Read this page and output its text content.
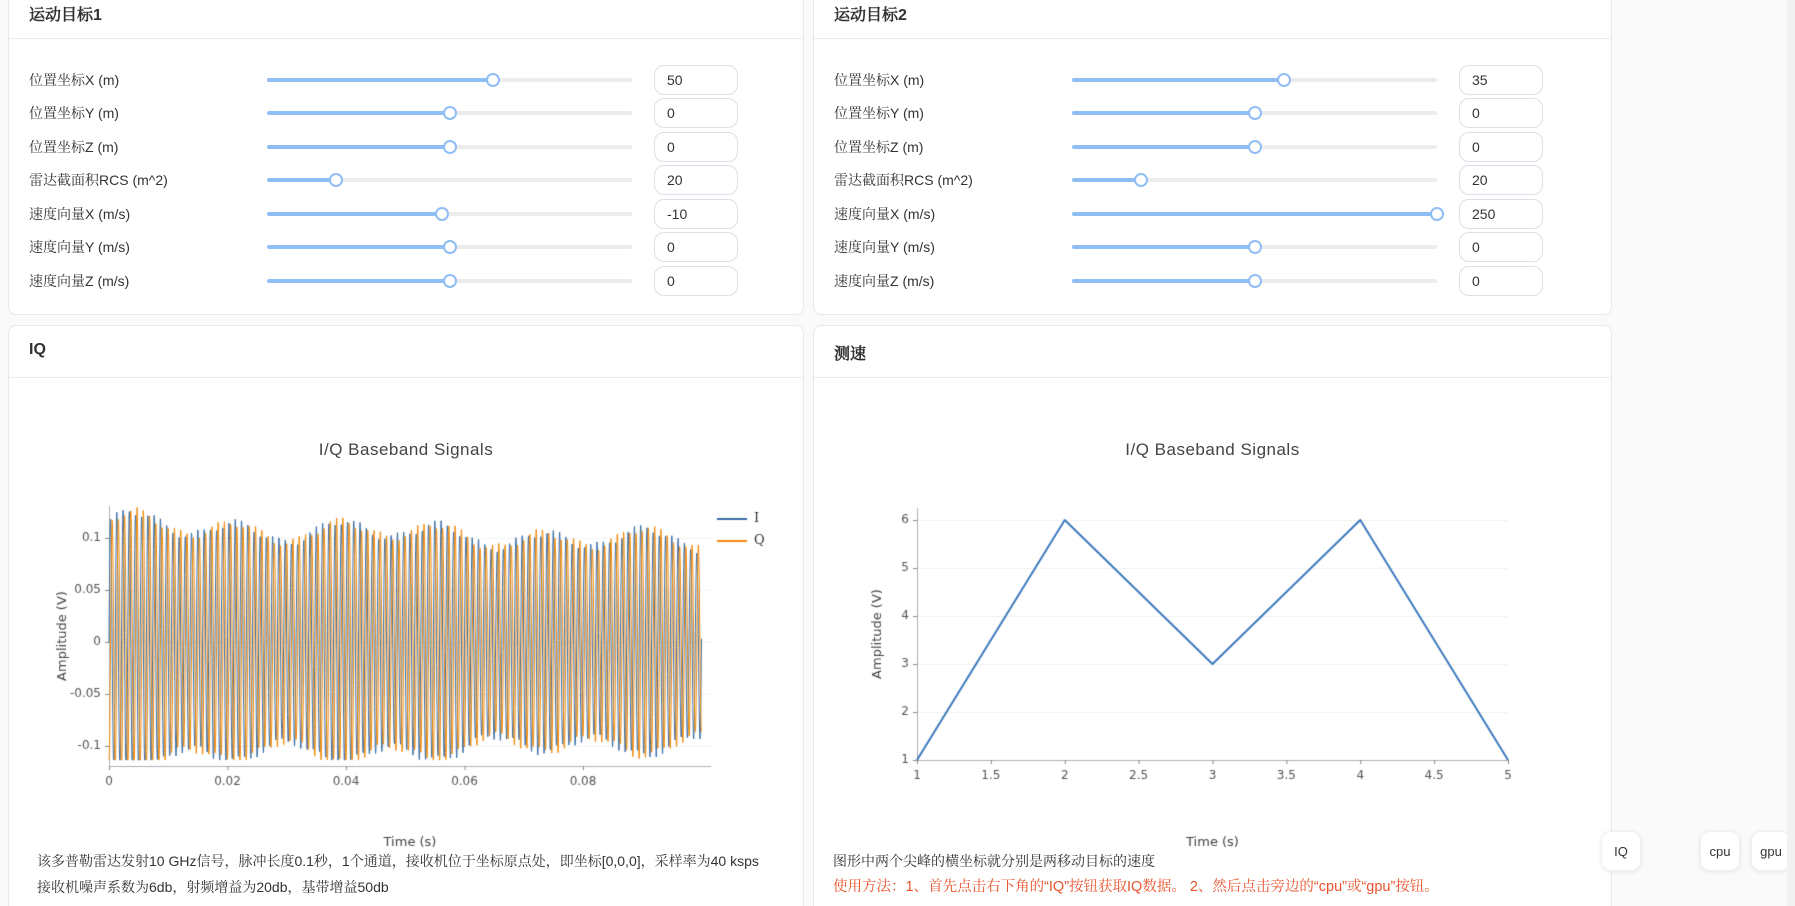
运动目标1
位置坐标X (m)
50
位置坐标Y (m)
0
位置坐标Z (m)
0
雷达截面积RCS (m^2)
20
速度向量X (m/s)
-10
速度向量Y (m/s)
0
速度向量Z (m/s)
0
运动目标2
位置坐标X (m)
35
位置坐标Y (m)
0
位置坐标Z (m)
0
雷达截面积RCS (m^2)
20
速度向量X (m/s)
250
速度向量Y (m/s)
0
速度向量Z (m/s)
0
IQ
该多普勒雷达发射10 GHz信号，脉冲长度0.1秒，1个通道，接收机位于坐标原点处，即坐标[0,0,0]，采样率为40 ksps
接收机噪声系数为6db，射频增益为20db，基带增益50db
测速
图形中两个尖峰的横坐标就分别是两移动目标的速度
使用方法：1、首先点击右下角的“IQ”按钮获取IQ数据。 2、然后点击旁边的“cpu”或“gpu”按钮。
IQ	cpu	gpu
